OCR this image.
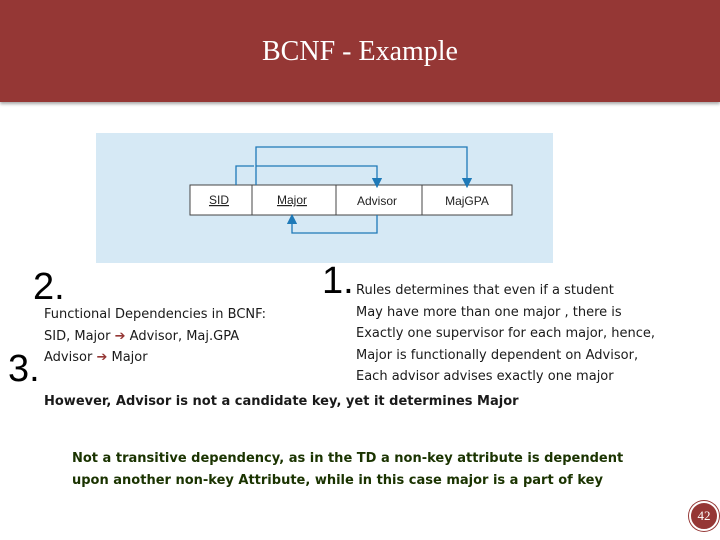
BCNF - Example
SID	Major	Advisor	MajGPA
2.
Functional Dependencies in BCNF:
SID, Major ➔ Advisor, Maj.GPA
Advisor ➔ Major
1. Rules determines that even if a student
May have more than one major , there is
Exactly one supervisor for each major, hence,
Major is functionally dependent on Advisor,
Each advisor advises exactly one major
3.
However, Advisor is not a candidate key, yet it determines Major
Not a transitive dependency, as in the TD a non-key attribute is dependent
upon another non-key Attribute, while in this case major is a part of key
42
